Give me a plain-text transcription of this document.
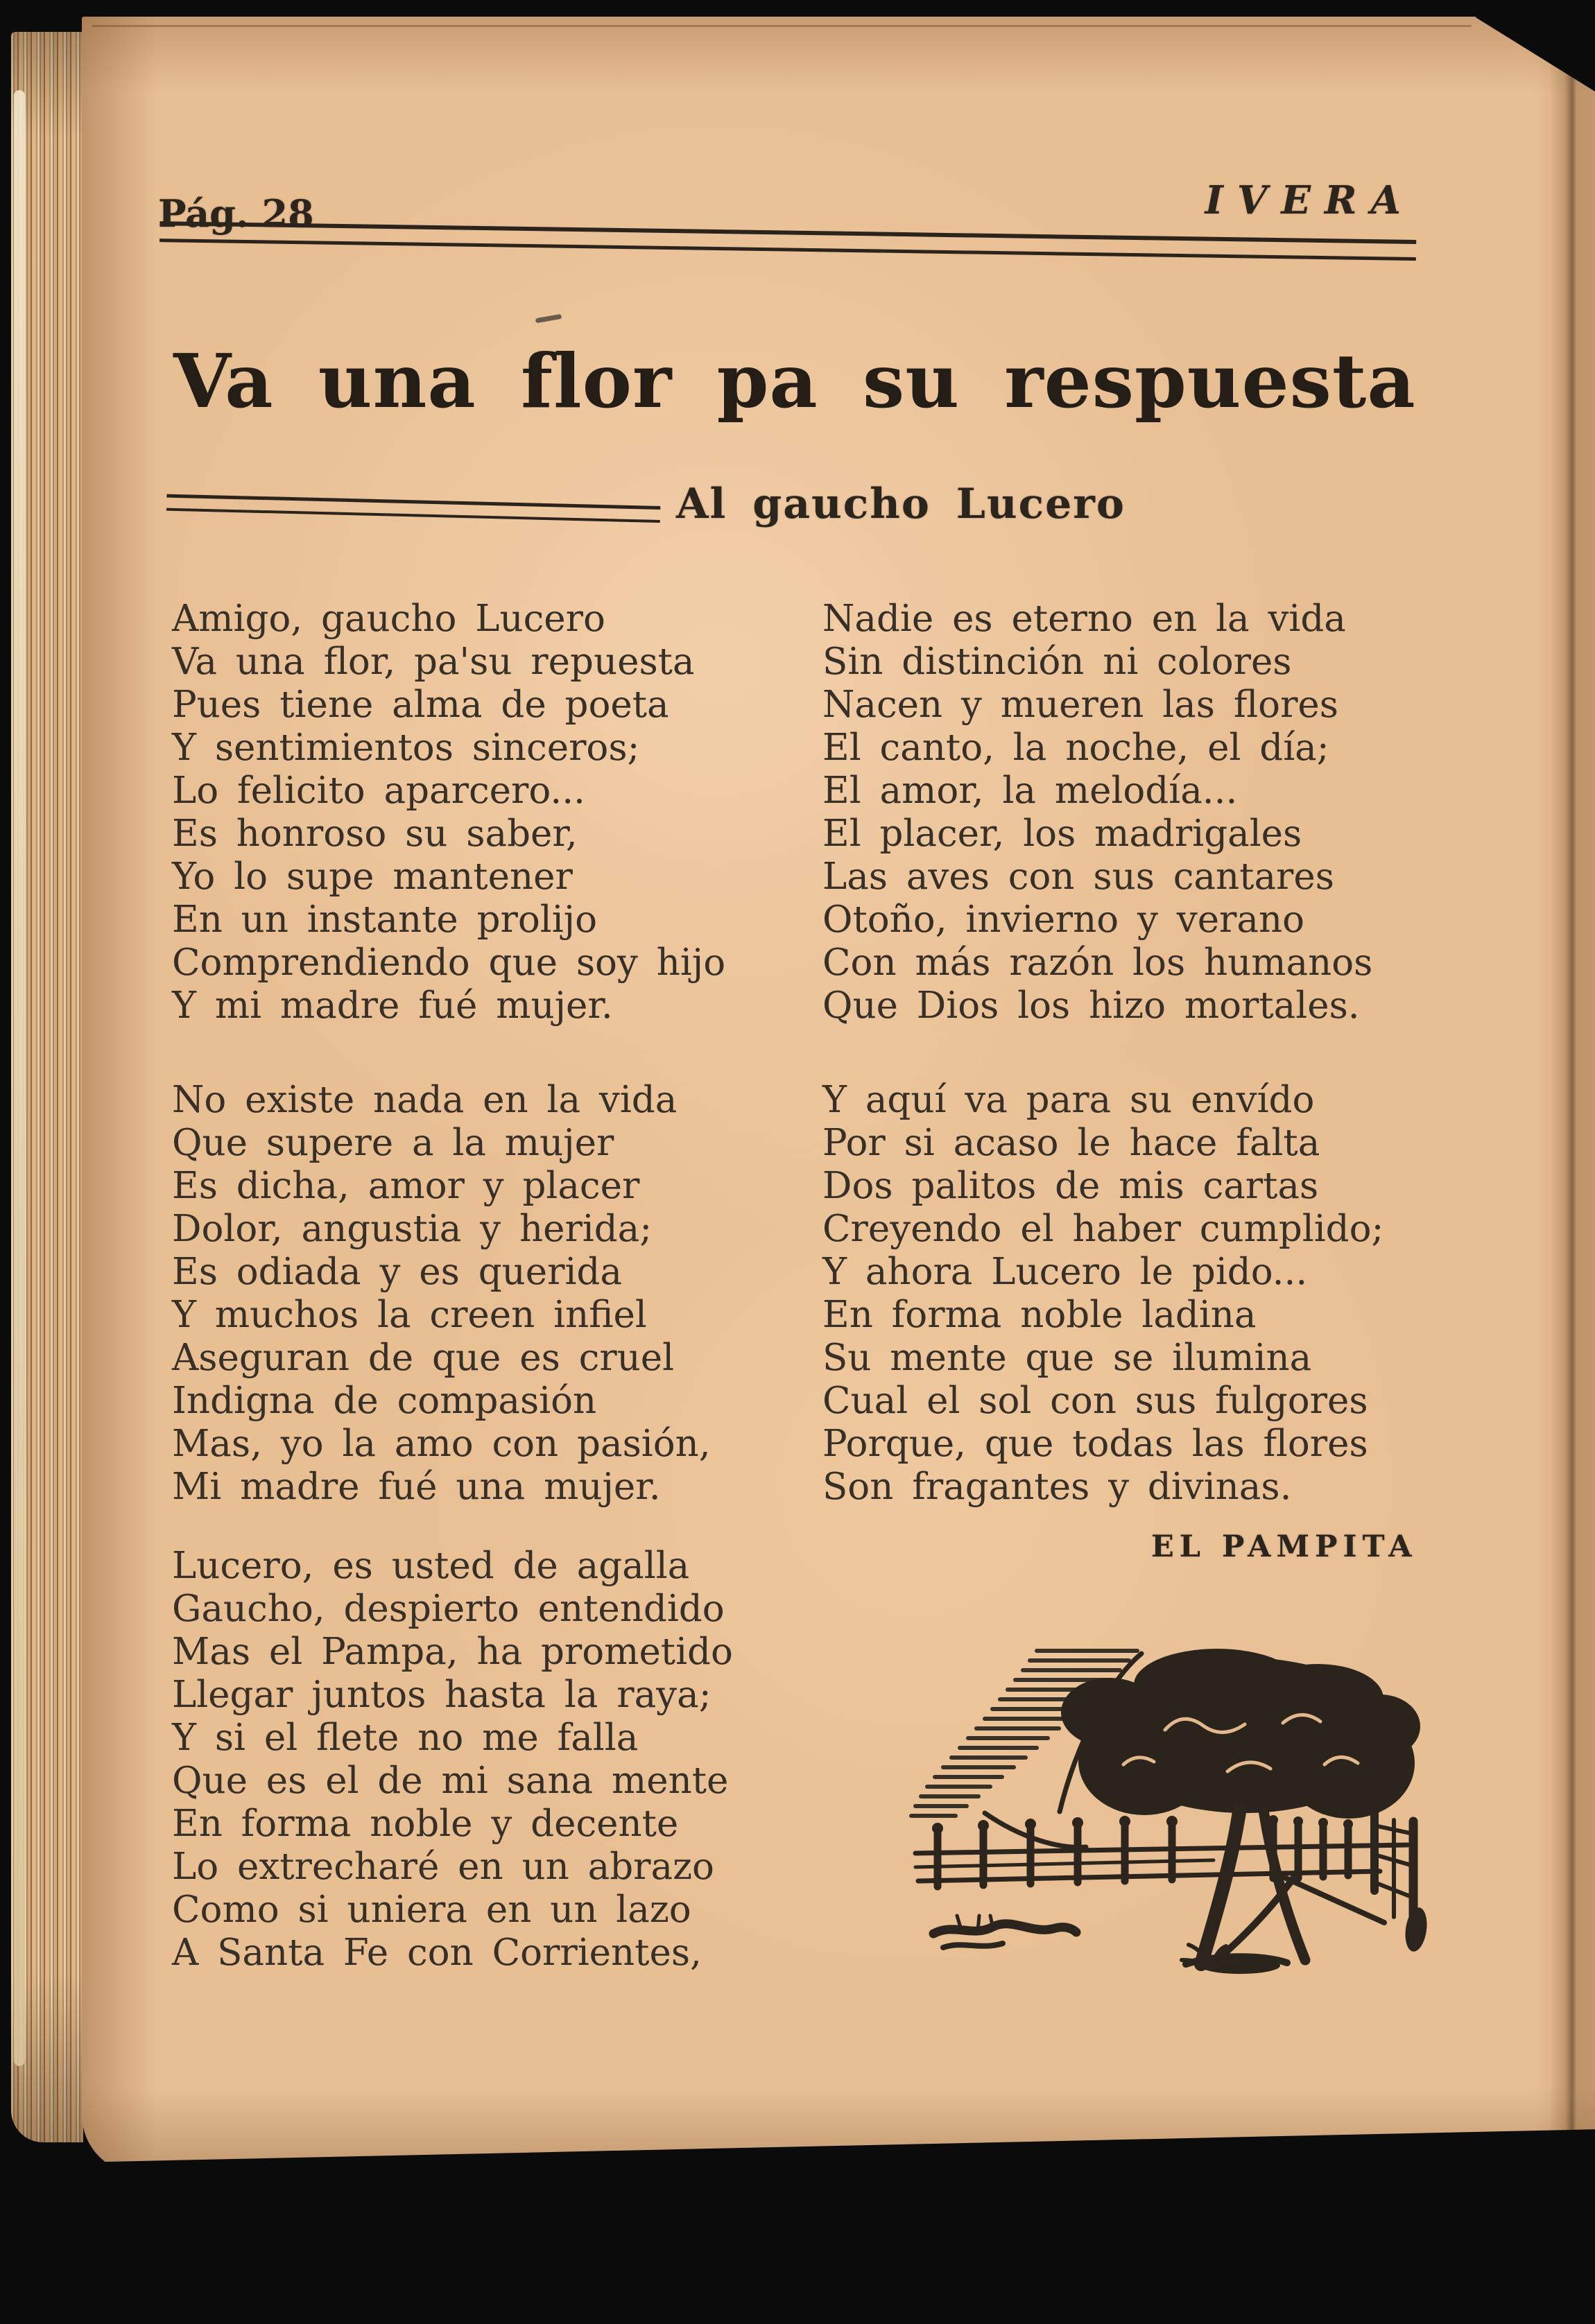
Pág. 28	IVERA
Va una flor pa su respuesta
Al gaucho Lucero
Amigo, gaucho Lucero
Va una flor, pa'su repuesta
Pues tiene alma de poeta
Y sentimientos sinceros;
Lo felicito aparcero...
Es honroso su saber,
Yo lo supe mantener
En un instante prolijo
Comprendiendo que soy hijo
Y mi madre fué mujer.
No existe nada en la vida
Que supere a la mujer
Es dicha, amor y placer
Dolor, angustia y herida;
Es odiada y es querida
Y muchos la creen infiel
Aseguran de que es cruel
Indigna de compasión
Mas, yo la amo con pasión,
Mi madre fué una mujer.
Lucero, es usted de agalla
Gaucho, despierto entendido
Mas el Pampa, ha prometido
Llegar juntos hasta la raya;
Y si el flete no me falla
Que es el de mi sana mente
En forma noble y decente
Lo extrecharé en un abrazo
Como si uniera en un lazo
A Santa Fe con Corrientes,
Nadie es eterno en la vida
Sin distinción ni colores
Nacen y mueren las flores
El canto, la noche, el día;
El amor, la melodía...
El placer, los madrigales
Las aves con sus cantares
Otoño, invierno y verano
Con más razón los humanos
Que Dios los hizo mortales.
Y aquí va para su envído
Por si acaso le hace falta
Dos palitos de mis cartas
Creyendo el haber cumplido;
Y ahora Lucero le pido...
En forma noble ladina
Su mente que se ilumina
Cual el sol con sus fulgores
Porque, que todas las flores
Son fragantes y divinas.
EL PAMPITA
